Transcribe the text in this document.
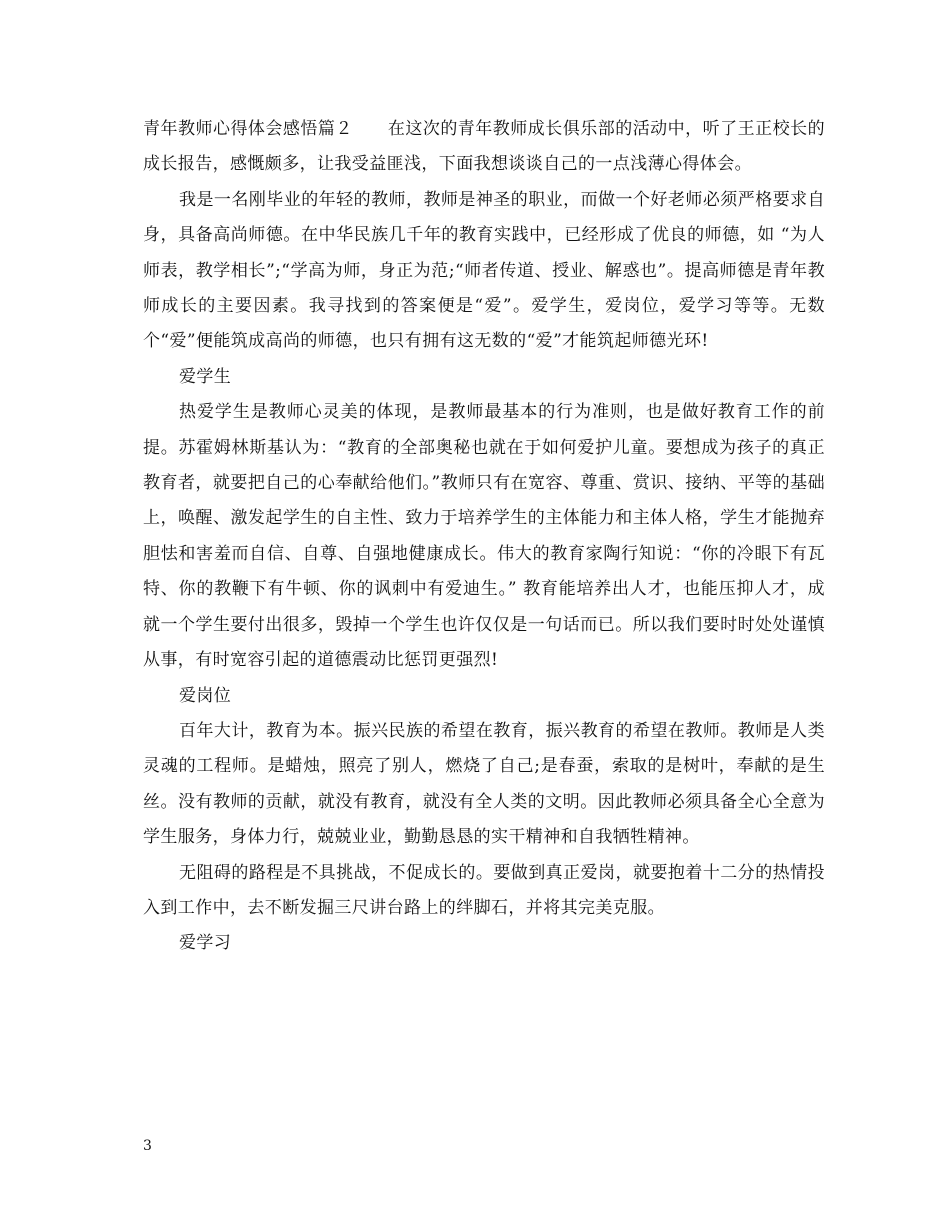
青年教师心得体会感悟篇２　　在这次的青年教师成长俱乐部的活动中，听了王正校长的成长报告，感慨颇多，让我受益匪浅，下面我想谈谈自己的一点浅薄心得体会。

我是一名刚毕业的年轻的教师，教师是神圣的职业，而做一个好老师必须严格要求自身，具备高尚师德。在中华民族几千年的教育实践中，已经形成了优良的师德，如 “为人师表，教学相长”;“学高为师，身正为范;“师者传道、授业、解惑也”。提高师德是青年教师成长的主要因素。我寻找到的答案便是“爱”。爱学生，爱岗位，爱学习等等。无数个“爱”便能筑成高尚的师德，也只有拥有这无数的“爱”才能筑起师德光环!

爱学生

热爱学生是教师心灵美的体现，是教师最基本的行为准则，也是做好教育工作的前提。苏霍姆林斯基认为：“教育的全部奥秘也就在于如何爱护儿童。要想成为孩子的真正教育者，就要把自己的心奉献给他们。”教师只有在宽容、尊重、赏识、接纳、平等的基础上，唤醒、激发起学生的自主性、致力于培养学生的主体能力和主体人格，学生才能抛弃胆怯和害羞而自信、自尊、自强地健康成长。伟大的教育家陶行知说：“你的冷眼下有瓦特、你的教鞭下有牛顿、你的讽刺中有爱迪生。” 教育能培养出人才，也能压抑人才，成就一个学生要付出很多，毁掉一个学生也许仅仅是一句话而已。所以我们要时时处处谨慎从事，有时宽容引起的道德震动比惩罚更强烈!

爱岗位

百年大计，教育为本。振兴民族的希望在教育，振兴教育的希望在教师。教师是人类灵魂的工程师。是蜡烛，照亮了别人，燃烧了自己;是春蚕，索取的是树叶，奉献的是生丝。没有教师的贡献，就没有教育，就没有全人类的文明。因此教师必须具备全心全意为学生服务，身体力行，兢兢业业，勤勤恳恳的实干精神和自我牺牲精神。

无阻碍的路程是不具挑战，不促成长的。要做到真正爱岗，就要抱着十二分的热情投入到工作中，去不断发掘三尺讲台路上的绊脚石，并将其完美克服。

爱学习

3
